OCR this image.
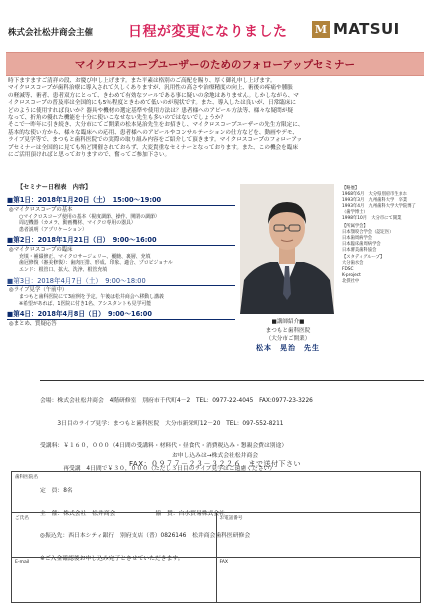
株式会社松井商会主催 日程が変更になりました M MATSUI
マイクロスコープユーザーのためのフォローアップセミナー
時下ますますご清祥の段、お慶び申し上げます。また平素は格別のご高配を賜り、厚く御礼申し上げます。
マイクロスコープが歯科治療に導入されて久しくありますが、汎用性の高さや治療精度の向上、術後の疼痛や腫脹
の軽減等、術者、患者双方にとって、きわめて有効なツールである事に疑いの余地はありません。しかしながら、マ
イクロスコープの普及率は全国的にも5％程度ときわめて低いのが現状です。また、導入したは良いが、日常臨床に
どのように使用すれば良いか？器具や機材の選定基準や使用方法は？患者様へのアピール方法等、様々な疑問が疑
なって、折角の優れた機能を十分に使いこなせない先生も多いのではないでしょうか？
そこで一昨年に引き続き、大分市にてご開業の松本晃治先生をお招きし、マイクロスコープユーザーの先生方限定に、
基本的な使い方から、様々な臨床への応用、患者様へのアピールやコンサルテーションの仕方などを、動画やデモ、
ライブ見学等で、まつもと歯科医院での実際の取り組み内容をご紹介して頂きます。マイクロスコープのフォローアッ
プセミナーは全国的に見ても殆ど開催されておらず、大変貴重なセミナーとなっております。また、この機会を臨床
にご活用頂ければと思っておりますので、奮ってご参加下さい。
【セミナー日程表　内容】
■第1日：2018年1月20日（土）　15:00〜19:00
◎マイクロスコープの基本
○マイクロスコープ使用の基本（視度調節、操作、開閉の調節）
周辺機器（カメラ、動画機材、マイクロ専用の器具）
患者説明（アプリケーション）
■第2日：2018年1月21日（日）　9:00〜16:00
◎マイクロスコープの臨床
充填・補綴修正、マイクロサージェリー、覆髄、裏層、充填
歯冠修復（審美修復）：歯肉圧排、形成、印象、適合、プロビジョナル
エンド：根管口、拡大、洗浄、根管充填
■第3日：2018年4月7日（土）　9:00〜18:00
◎ライブ見学（午前中）
まつもと歯科医院にて3症例を予定。午後は松井商会へ移動し講義
※希望があれば、1医院に付き1名、アシスタントも見学可能
■第4日：2018年4月8日（日）　9:00〜16:00
◎まとめ、質疑応答
【略歴】
1968年6月　大分県別府市生まれ
1993年3月　九州歯科大学　卒業
1993年4月　九州歯科大学大学院博了
（歯学博士）
1998年10月　大分市にて開業
【所属学会】
日本顎咬合学会（認定医）
日本歯周病学会
日本臨床歯周病学会
日本審美歯科協会
【スタディグループ】
大分歯水会
FDSC
K-project
北摂社中
■講師紹介■
まつもと歯科医院
（大分市ご開業）
松本　晃治　先生

会場：株式会社松井商会　4階研修室　別府市千代町4－2　TEL：0977-22-4045　FAX:0977-23-3226

　　　3日目のライブ見学：まつもと歯科医院　大分市新栄町12－20　TEL：097-552-8211

受講料：￥１６０，０００（4日間の受講料・材料代・昼食代・消費税込み・懇親会費は別途）

　　　　再受講　4日間で￥３０，０００（ただし３日目のライブ見学はご遠慮ください）

定　員：8名

主　催：株式会社　松井商会	協　賛：白水貿易株式会社

◎振込先：西日本シティ銀行　別府支店（普）0826146　松井商会歯科医研修会

※ご入金確認後お申し込み完了とさせていただきます。

お申し込みは→株式会社松井商会
FAX：０９７７－２３－３２２６　まで送付下さい
歯科医院名	
ご氏名	お電話番号
E-mail	FAX
